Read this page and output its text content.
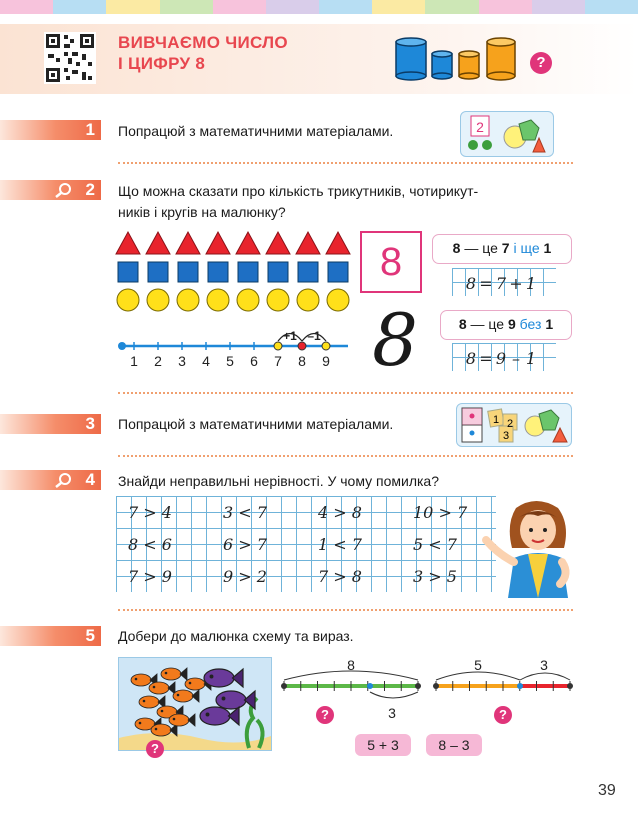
ВИВЧАЄМО ЧИСЛО
І ЦИФРУ 8	?
1	Попрацюй з математичними матеріалами.	2
2	Що можна сказати про кількість трикутників, чотирикут-
ників і кругів на малюнку?
1 2 3 4 5 6 7 8 9
+1 –1
8
8
8 — це 7 і ще 1
8 = 7 + 1
8 — це 9 без 1
8 = 9 – 1
3	Попрацюй з математичними матеріалами.	1 2
3
4	Знайди неправильні нерівності. У чому помилка?
7 > 4	3 < 7	4 > 8	10 > 7
8 < 6	6 > 7	1 < 7	5 < 7
7 > 9	9 > 2	7 > 8	3 > 5
5	Добери до малюнка схему та вираз.
?
8
3
5	3
?	?
5 + 3	8 – 3
39
